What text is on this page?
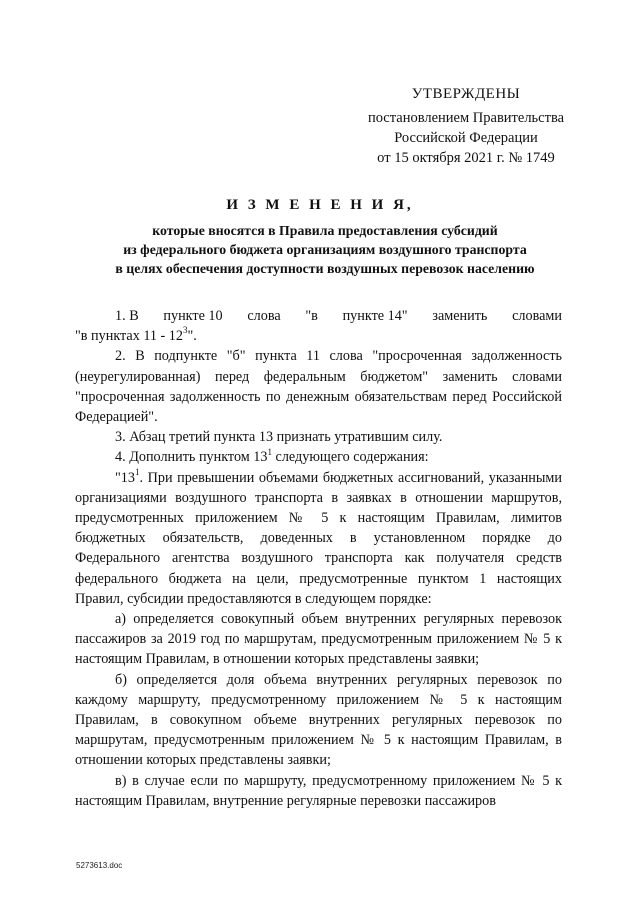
УТВЕРЖДЕНЫ
постановлением Правительства
Российской Федерации
от 15 октября 2021 г. № 1749
И З М Е Н Е Н И Я,
которые вносятся в Правила предоставления субсидий
из федерального бюджета организациям воздушного транспорта
в целях обеспечения доступности воздушных перевозок населению
1. В пункте 10 слова "в пункте 14" заменить словами

"в пунктах $11 - 12^3$".

2. В подпункте "б" пункта 11 слова "просроченная задолженность (неурегулированная) перед федеральным бюджетом" заменить словами "просроченная задолженность по денежным обязательствам перед Российской Федерацией".

3. Абзац третий пункта 13 признать утратившим силу.

4. Дополнить пунктом $13^1$ следующего содержания:

"$13^1$. При превышении объемами бюджетных ассигнований, указанными организациями воздушного транспорта в заявках в отношении маршрутов, предусмотренных приложением № 5 к настоящим Правилам, лимитов бюджетных обязательств, доведенных в установленном порядке до Федерального агентства воздушного транспорта как получателя средств федерального бюджета на цели, предусмотренные пунктом 1 настоящих Правил, субсидии предоставляются в следующем порядке:

а) определяется совокупный объем внутренних регулярных перевозок пассажиров за 2019 год по маршрутам, предусмотренным приложением № 5 к настоящим Правилам, в отношении которых представлены заявки;

б) определяется доля объема внутренних регулярных перевозок по каждому маршруту, предусмотренному приложением № 5 к настоящим Правилам, в совокупном объеме внутренних регулярных перевозок по маршрутам, предусмотренным приложением № 5 к настоящим Правилам, в отношении которых представлены заявки;

в) в случае если по маршруту, предусмотренному приложением № 5 к настоящим Правилам, внутренние регулярные перевозки пассажиров

5273613.doc
